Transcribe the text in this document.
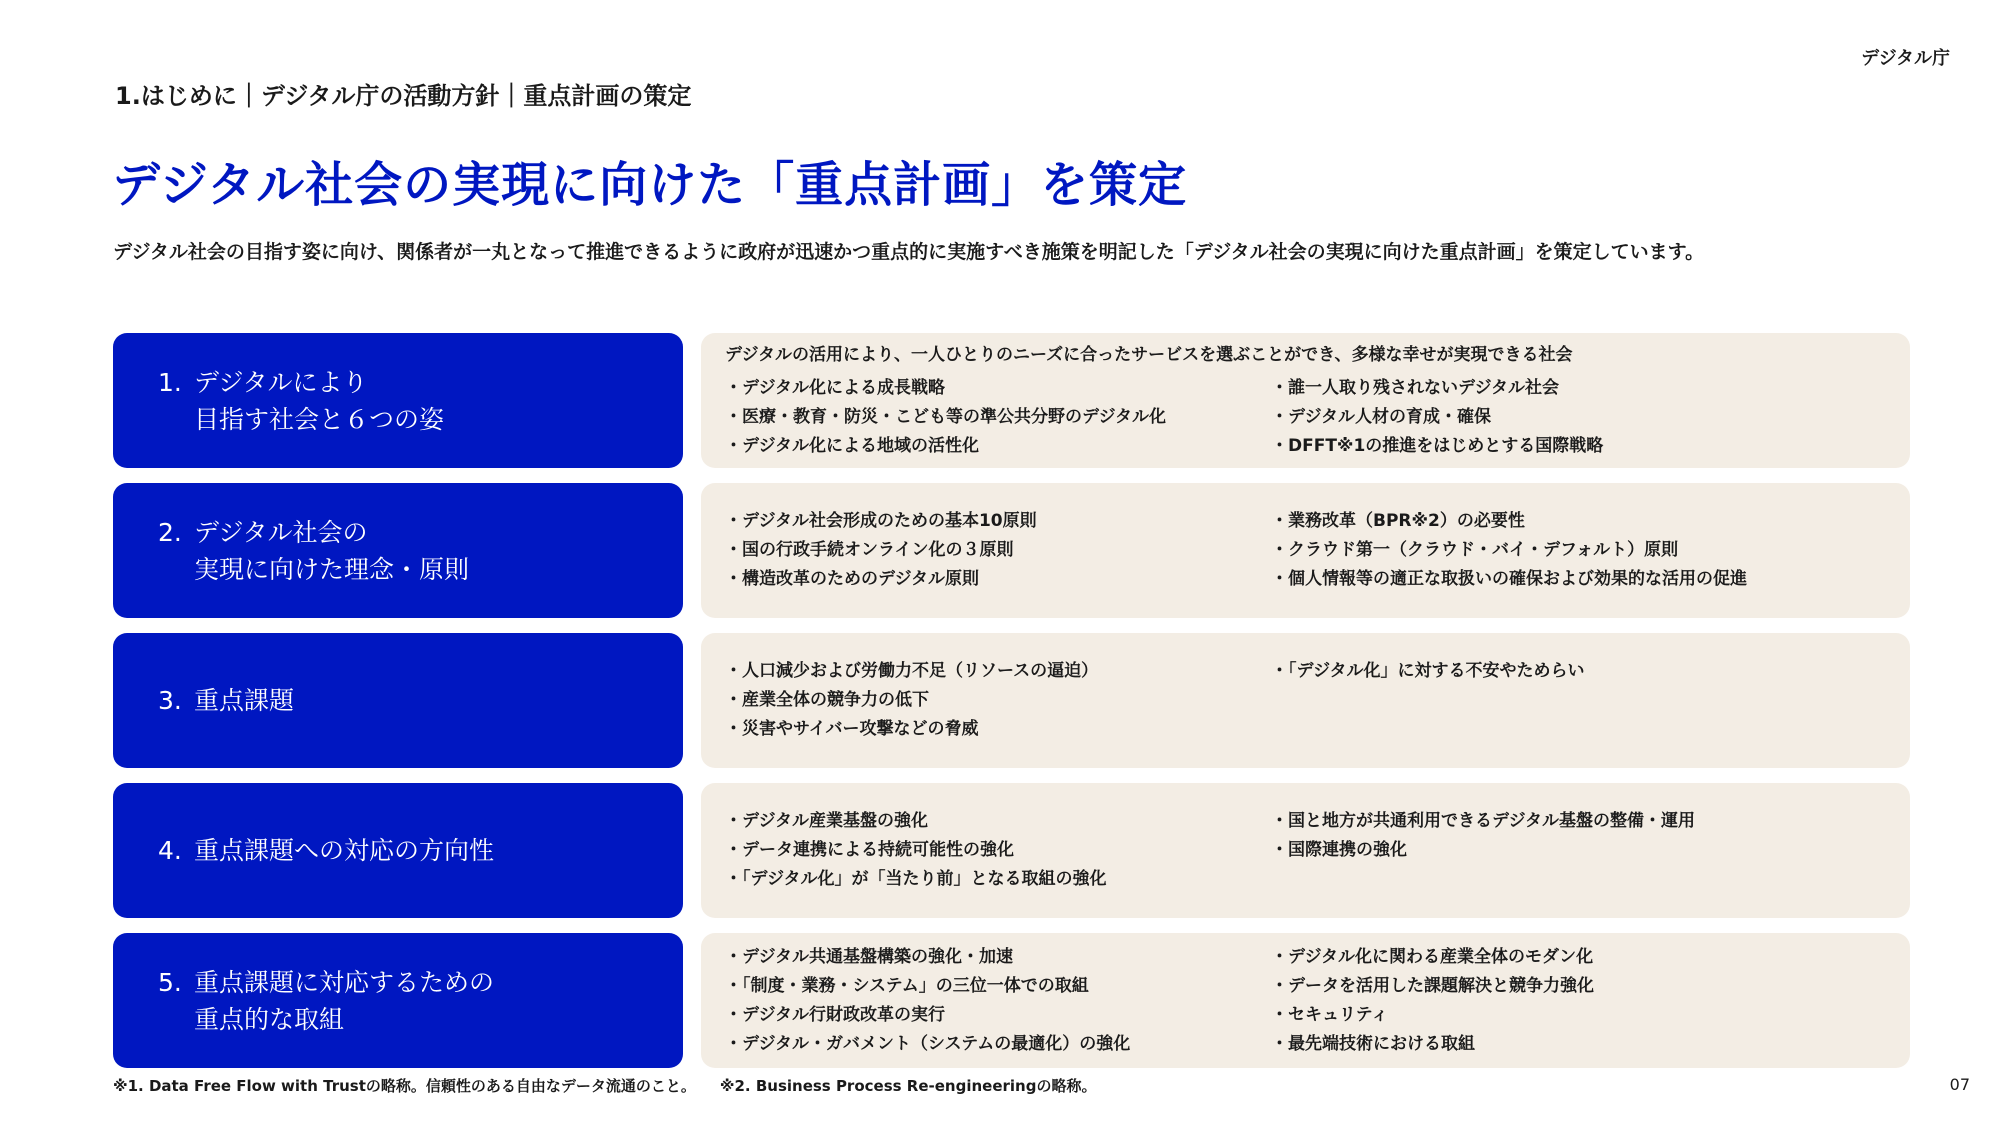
デジタル庁
1.はじめに｜デジタル庁の活動方針｜重点計画の策定
デジタル社会の実現に向けた「重点計画」を策定

デジタル社会の目指す姿に向け、関係者が一丸となって推進できるように政府が迅速かつ重点的に実施すべき施策を明記した「デジタル社会の実現に向けた重点計画」を策定しています。

1. デジタルにより
目指す社会と６つの姿
デジタルの活用により、一人ひとりのニーズに合ったサービスを選ぶことができ、多様な幸せが実現できる社会
・ デジタル化による成長戦略
・ 医療・教育・防災・こども等の準公共分野のデジタル化
・ デジタル化による地域の活性化
・ 誰一人取り残されないデジタル社会
・ デジタル人材の育成・確保
・ DFFT※1の推進をはじめとする国際戦略
2. デジタル社会の
実現に向けた理念・原則
・ デジタル社会形成のための基本10原則
・ 国の行政手続オンライン化の３原則
・ 構造改革のためのデジタル原則
・ 業務改革（BPR※2）の必要性
・ クラウド第一（クラウド・バイ・デフォルト）原則
・ 個人情報等の適正な取扱いの確保および効果的な活用の促進
3. 重点課題
・ 人口減少および労働力不足（リソースの逼迫）
・ 産業全体の競争力の低下
・ 災害やサイバー攻撃などの脅威
・ 「デジタル化」に対する不安やためらい
4. 重点課題への対応の方向性
・ デジタル産業基盤の強化
・ データ連携による持続可能性の強化
・ 「デジタル化」が「当たり前」となる取組の強化
・ 国と地方が共通利用できるデジタル基盤の整備・運用
・ 国際連携の強化
5. 重点課題に対応するための
重点的な取組
・ デジタル共通基盤構築の強化・加速
・ 「制度・業務・システム」の三位一体での取組
・ デジタル行財政改革の実行
・ デジタル・ガバメント（システムの最適化）の強化
・ デジタル化に関わる産業全体のモダン化
・ データを活用した課題解決と競争力強化
・ セキュリティ
・ 最先端技術における取組
※1. Data Free Flow with Trustの略称。信頼性のある自由なデータ流通のこと。 ※2. Business Process Re-engineeringの略称。	07
